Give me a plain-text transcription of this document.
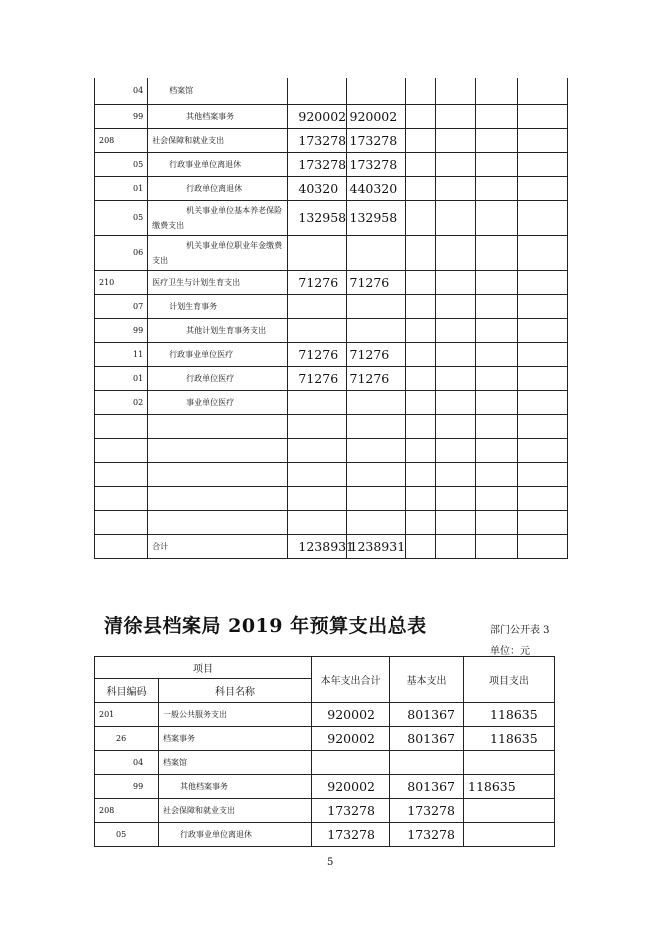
04	档案馆						
99	其他档案事务	920002	920002				
208	社会保障和就业支出	173278	173278				
05	行政事业单位离退休	173278	173278				
01	行政单位离退休	40320	440320				
05	机关事业单位基本养老保险缴费支出	132958	132958				
06	机关事业单位职业年金缴费支出						
210	医疗卫生与计划生育支出	71276	71276				
07	计划生育事务						
99	其他计划生育事务支出						
11	行政事业单位医疗	71276	71276				
01	行政单位医疗	71276	71276				
02	事业单位医疗						

	合计	1238931	1238931				
清徐县档案局 2019 年预算支出总表	部门公开表 3
单位：元
项目		本年支出合计	基本支出	项目支出
科目编码	科目名称			
201	一般公共服务支出	920002	801367	118635
26	档案事务	920002	801367	118635
04	档案馆			
99	其他档案事务	920002	801367	118635
208	社会保障和就业支出	173278	173278	
05	行政事业单位离退休	173278	173278	
5
